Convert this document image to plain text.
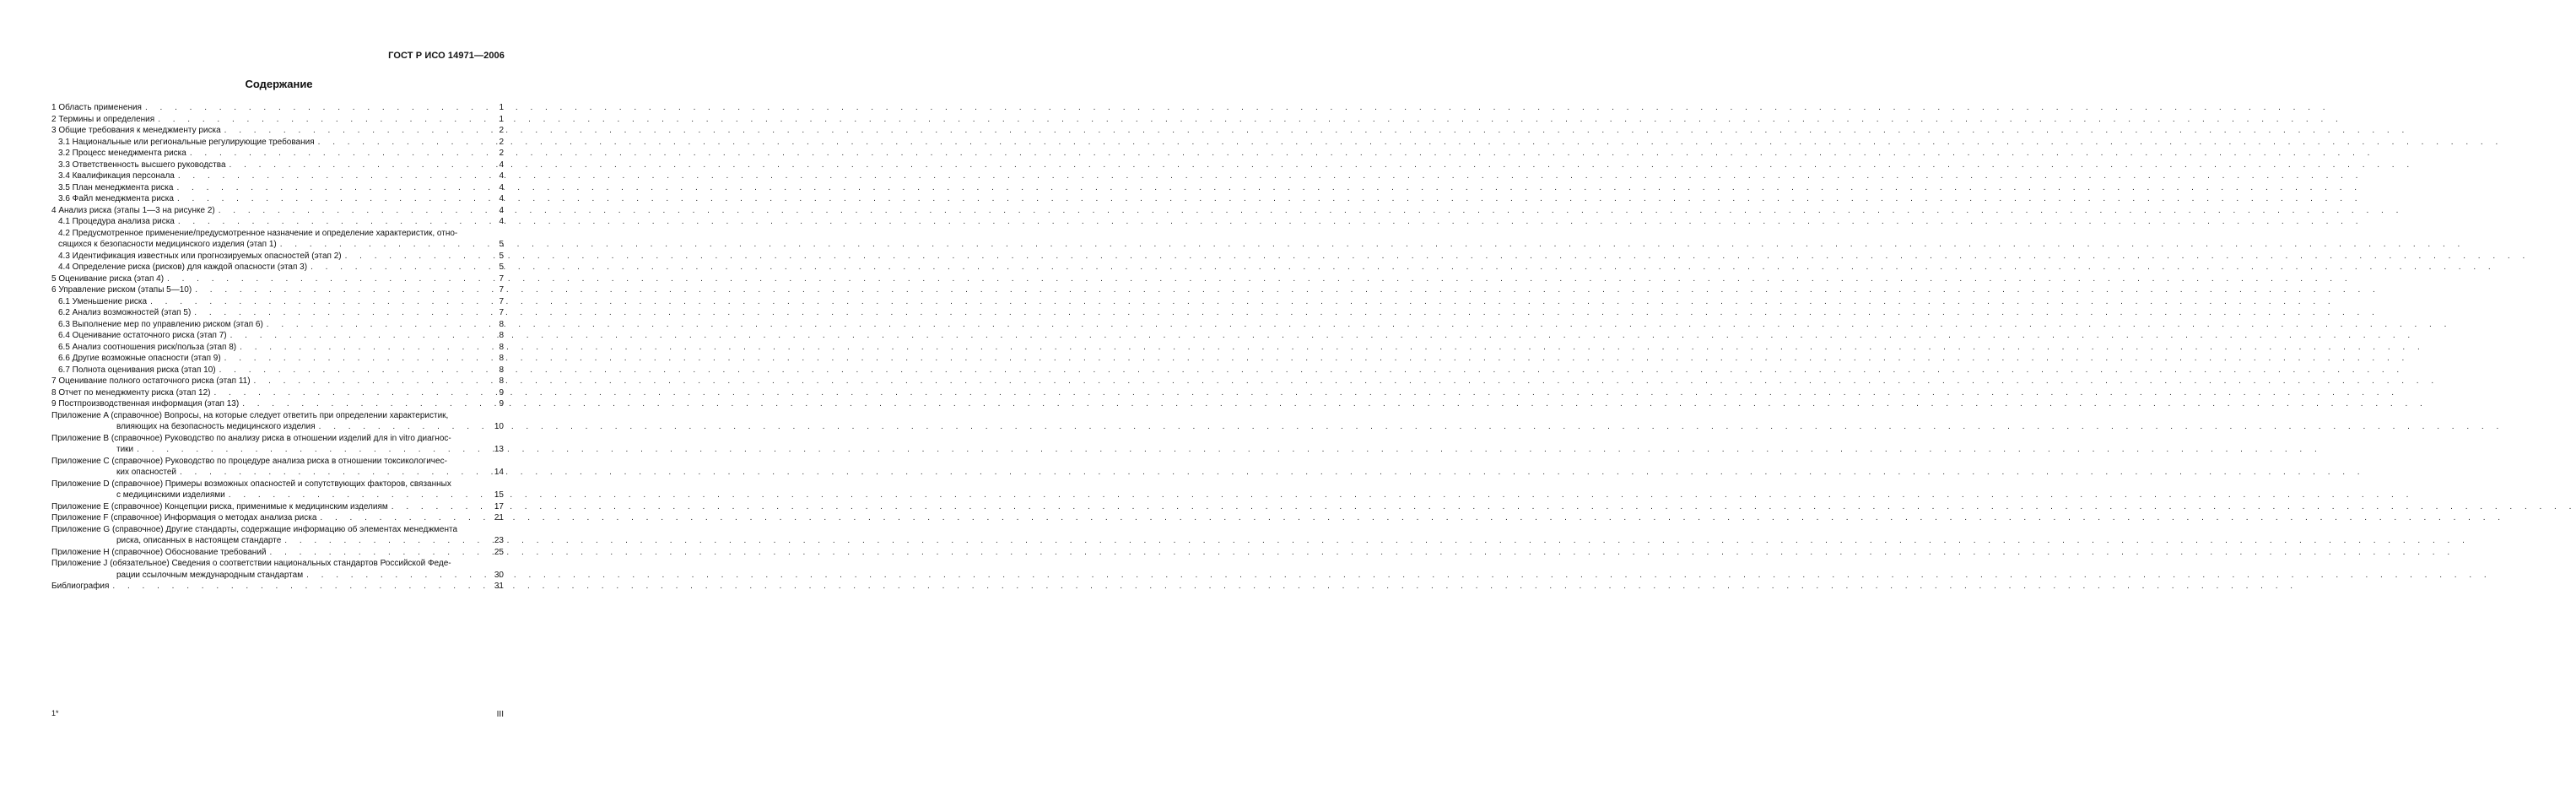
ГОСТ Р ИСО 14971—2006
Содержание
1 Область применения . . .	1
2 Термины и определения . . .	1
3 Общие требования к менеджменту риска . . .	2
3.1 Национальные или региональные регулирующие требования . . .	2
3.2 Процесс менеджмента риска . . .	2
3.3 Ответственность высшего руководства . . .	4
3.4 Квалификация персонала . . .	4
3.5 План менеджмента риска . . .	4
3.6 Файл менеджмента риска . . .	4
4 Анализ риска (этапы 1—3 на рисунке 2) . . .	4
4.1 Процедура анализа риска . . .	4
4.2 Предусмотренное применение/предусмотренное назначение и определение характеристик, отно-
сящихся к безопасности медицинского изделия (этап 1) . . .	5
4.3 Идентификация известных или прогнозируемых опасностей (этап 2) . . .	5
4.4 Определение риска (рисков) для каждой опасности (этап 3) . . .	5
5 Оценивание риска (этап 4) . . .	7
6 Управление риском (этапы 5—10) . . .	7
6.1 Уменьшение риска . . .	7
6.2 Анализ возможностей (этап 5) . . .	7
6.3 Выполнение мер по управлению риском (этап 6) . . .	8
6.4 Оценивание остаточного риска (этап 7) . . .	8
6.5 Анализ соотношения риск/польза (этап 8) . . .	8
6.6 Другие возможные опасности (этап 9) . . .	8
6.7 Полнота оценивания риска (этап 10) . . .	8
7 Оценивание полного остаточного риска (этап 11) . . .	8
8 Отчет по менеджменту риска (этап 12) . . .	9
9 Постпроизводственная информация (этап 13) . . .	9
Приложение A (справочное) Вопросы, на которые следует ответить при определении характеристик,
влияющих на безопасность медицинского изделия . . .	10
Приложение B (справочное) Руководство по анализу риска в отношении изделий для in vitro диагнос-
тики . . .	13
Приложение C (справочное) Руководство по процедуре анализа риска в отношении токсикологичес-
ких опасностей . . .	14
Приложение D (справочное) Примеры возможных опасностей и сопутствующих факторов, связанных
с медицинскими изделиями . . .	15
Приложение E (справочное) Концепции риска, применимые к медицинским изделиям . . .	17
Приложение F (справочное) Информация о методах анализа риска . . .	21
Приложение G (справочное) Другие стандарты, содержащие информацию об элементах менеджмента
риска, описанных в настоящем стандарте . . .	23
Приложение H (справочное) Обоснование требований . . .	25
Приложение J (обязательное) Сведения о соответствии национальных стандартов Российской Феде-
рации ссылочным международным стандартам . . .	30
Библиография . . .	31
1*	III
